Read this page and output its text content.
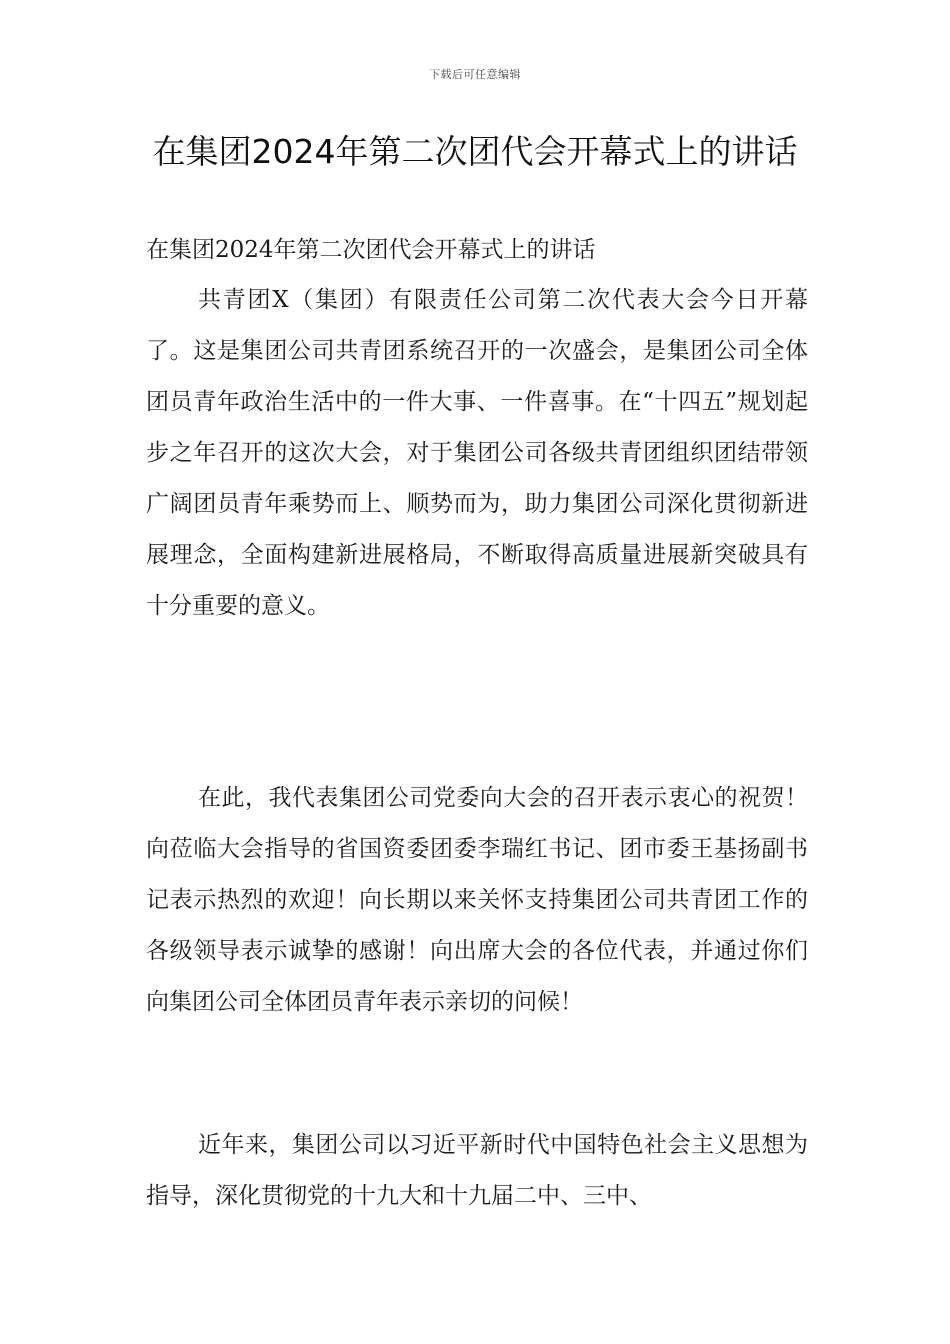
下载后可任意编辑
在集团2024年第二次团代会开幕式上的讲话

在集团2024年第二次团代会开幕式上的讲话

共青团X（集团）有限责任公司第二次代表大会今日开幕了。这是集团公司共青团系统召开的一次盛会，是集团公司全体团员青年政治生活中的一件大事、一件喜事。在“十四五”规划起步之年召开的这次大会，对于集团公司各级共青团组织团结带领广阔团员青年乘势而上、顺势而为，助力集团公司深化贯彻新进展理念，全面构建新进展格局，不断取得高质量进展新突破具有十分重要的意义。

在此，我代表集团公司党委向大会的召开表示衷心的祝贺！向莅临大会指导的省国资委团委李瑞红书记、团市委王基扬副书记表示热烈的欢迎！向长期以来关怀支持集团公司共青团工作的各级领导表示诚挚的感谢！向出席大会的各位代表，并通过你们向集团公司全体团员青年表示亲切的问候！

近年来，集团公司以习近平新时代中国特色社会主义思想为指导，深化贯彻党的十九大和十九届二中、三中、
